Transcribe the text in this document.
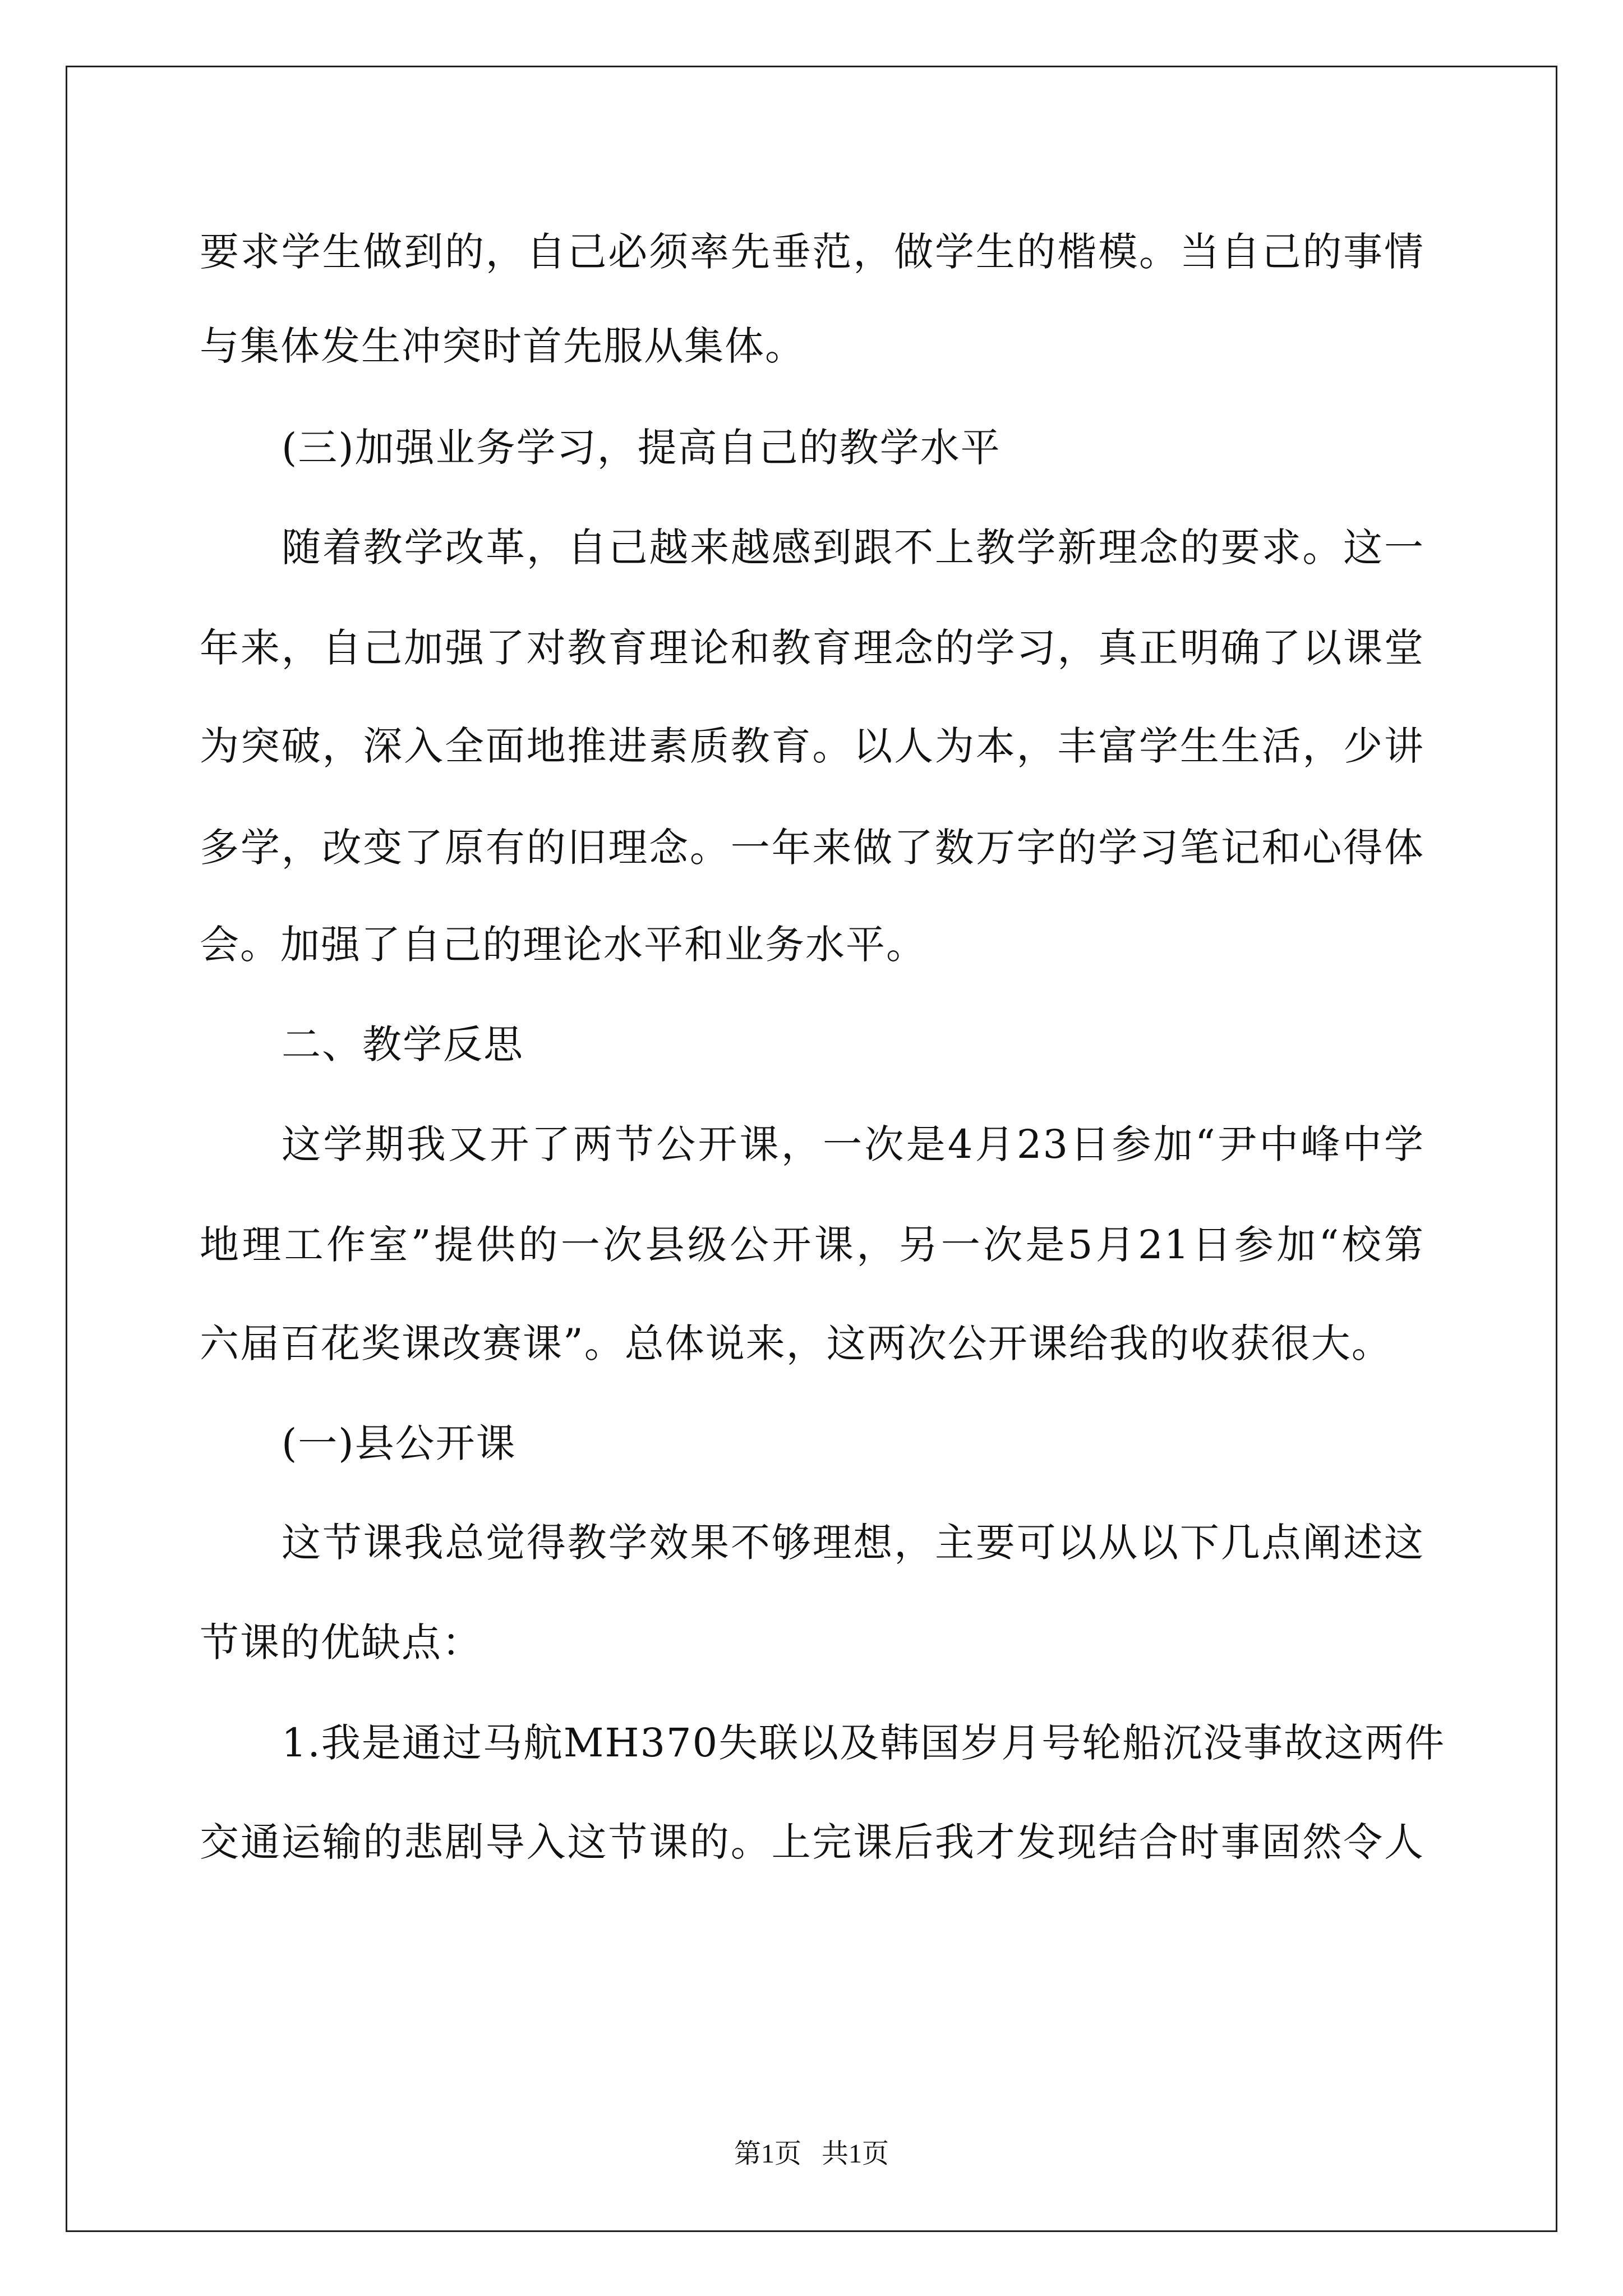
要求学生做到的，自己必须率先垂范，做学生的楷模。当自己的事情
与集体发生冲突时首先服从集体。
(三)加强业务学习，提高自己的教学水平
随着教学改革，自己越来越感到跟不上教学新理念的要求。这一
年来，自己加强了对教育理论和教育理念的学习，真正明确了以课堂
为突破，深入全面地推进素质教育。以人为本，丰富学生生活，少讲
多学，改变了原有的旧理念。一年来做了数万字的学习笔记和心得体
会。加强了自己的理论水平和业务水平。
二、教学反思
这学期我又开了两节公开课，一次是4月23日参加“尹中峰中学
地理工作室”提供的一次县级公开课，另一次是5月21日参加“校第
六届百花奖课改赛课”。总体说来，这两次公开课给我的收获很大。
(一)县公开课
这节课我总觉得教学效果不够理想，主要可以从以下几点阐述这
节课的优缺点：
1.我是通过马航MH370失联以及韩国岁月号轮船沉没事故这两件
交通运输的悲剧导入这节课的。上完课后我才发现结合时事固然令人
第1页   共1页
